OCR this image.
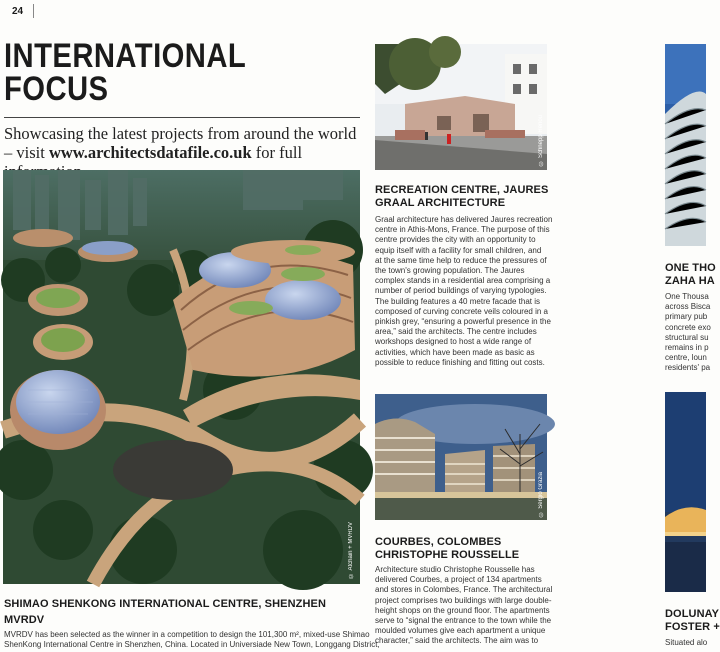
24
INTERNATIONAL
FOCUS
Showcasing the latest projects from around the world – visit www.architectsdatafile.co.uk for full
© Atchain + MVRDV
SHIMAO SHENKONG INTERNATIONAL CENTRE, SHENZHEN
MVRDV
MVRDV has been selected as the winner in a competition to design the 101,300 m², mixed-use Shimao
ShenKong International Centre in Shenzhen, China. Located in Universiade New Town, Longgang District,
© Schnepp Renou
RECREATION CENTRE, JAURES
GRAAL ARCHITECTURE
Graal architecture has delivered Jaures recreation
centre in Athis-Mons, France. The purpose of this
centre provides the city with an opportunity to
equip itself with a facility for small children, and
at the same time help to reduce the pressures of
the town's growing population. The Jaures
complex stands in a residential area comprising a
number of period buildings of varying typologies.
The building features a 40 metre facade that is
composed of curving concrete veils coloured in a
pinkish grey, “ensuring a powerful presence in the
area,” said the architects. The centre includes
workshops designed to host a wide range of
activities, which have been made as basic as
possible to reduce finishing and fitting out costs.
© Sergio Grazia
COURBES, COLOMBES
CHRISTOPHE ROUSSELLE
Architecture studio Christophe Rousselle has
delivered Courbes, a project of 134 apartments
and stores in Colombes, France. The architectural
project comprises two buildings with large double-
height shops on the ground floor. The apartments
serve to “signal the entrance to the town while the
moulded volumes give each apartment a unique
character,” said the architects. The aim was to
ONE THO
ZAHA HA
One Thousa
across Bisca
primary pub
concrete exo
structural su
remains in p
centre, loun
residents' pa
DOLUNAY
FOSTER +
Situated alo
